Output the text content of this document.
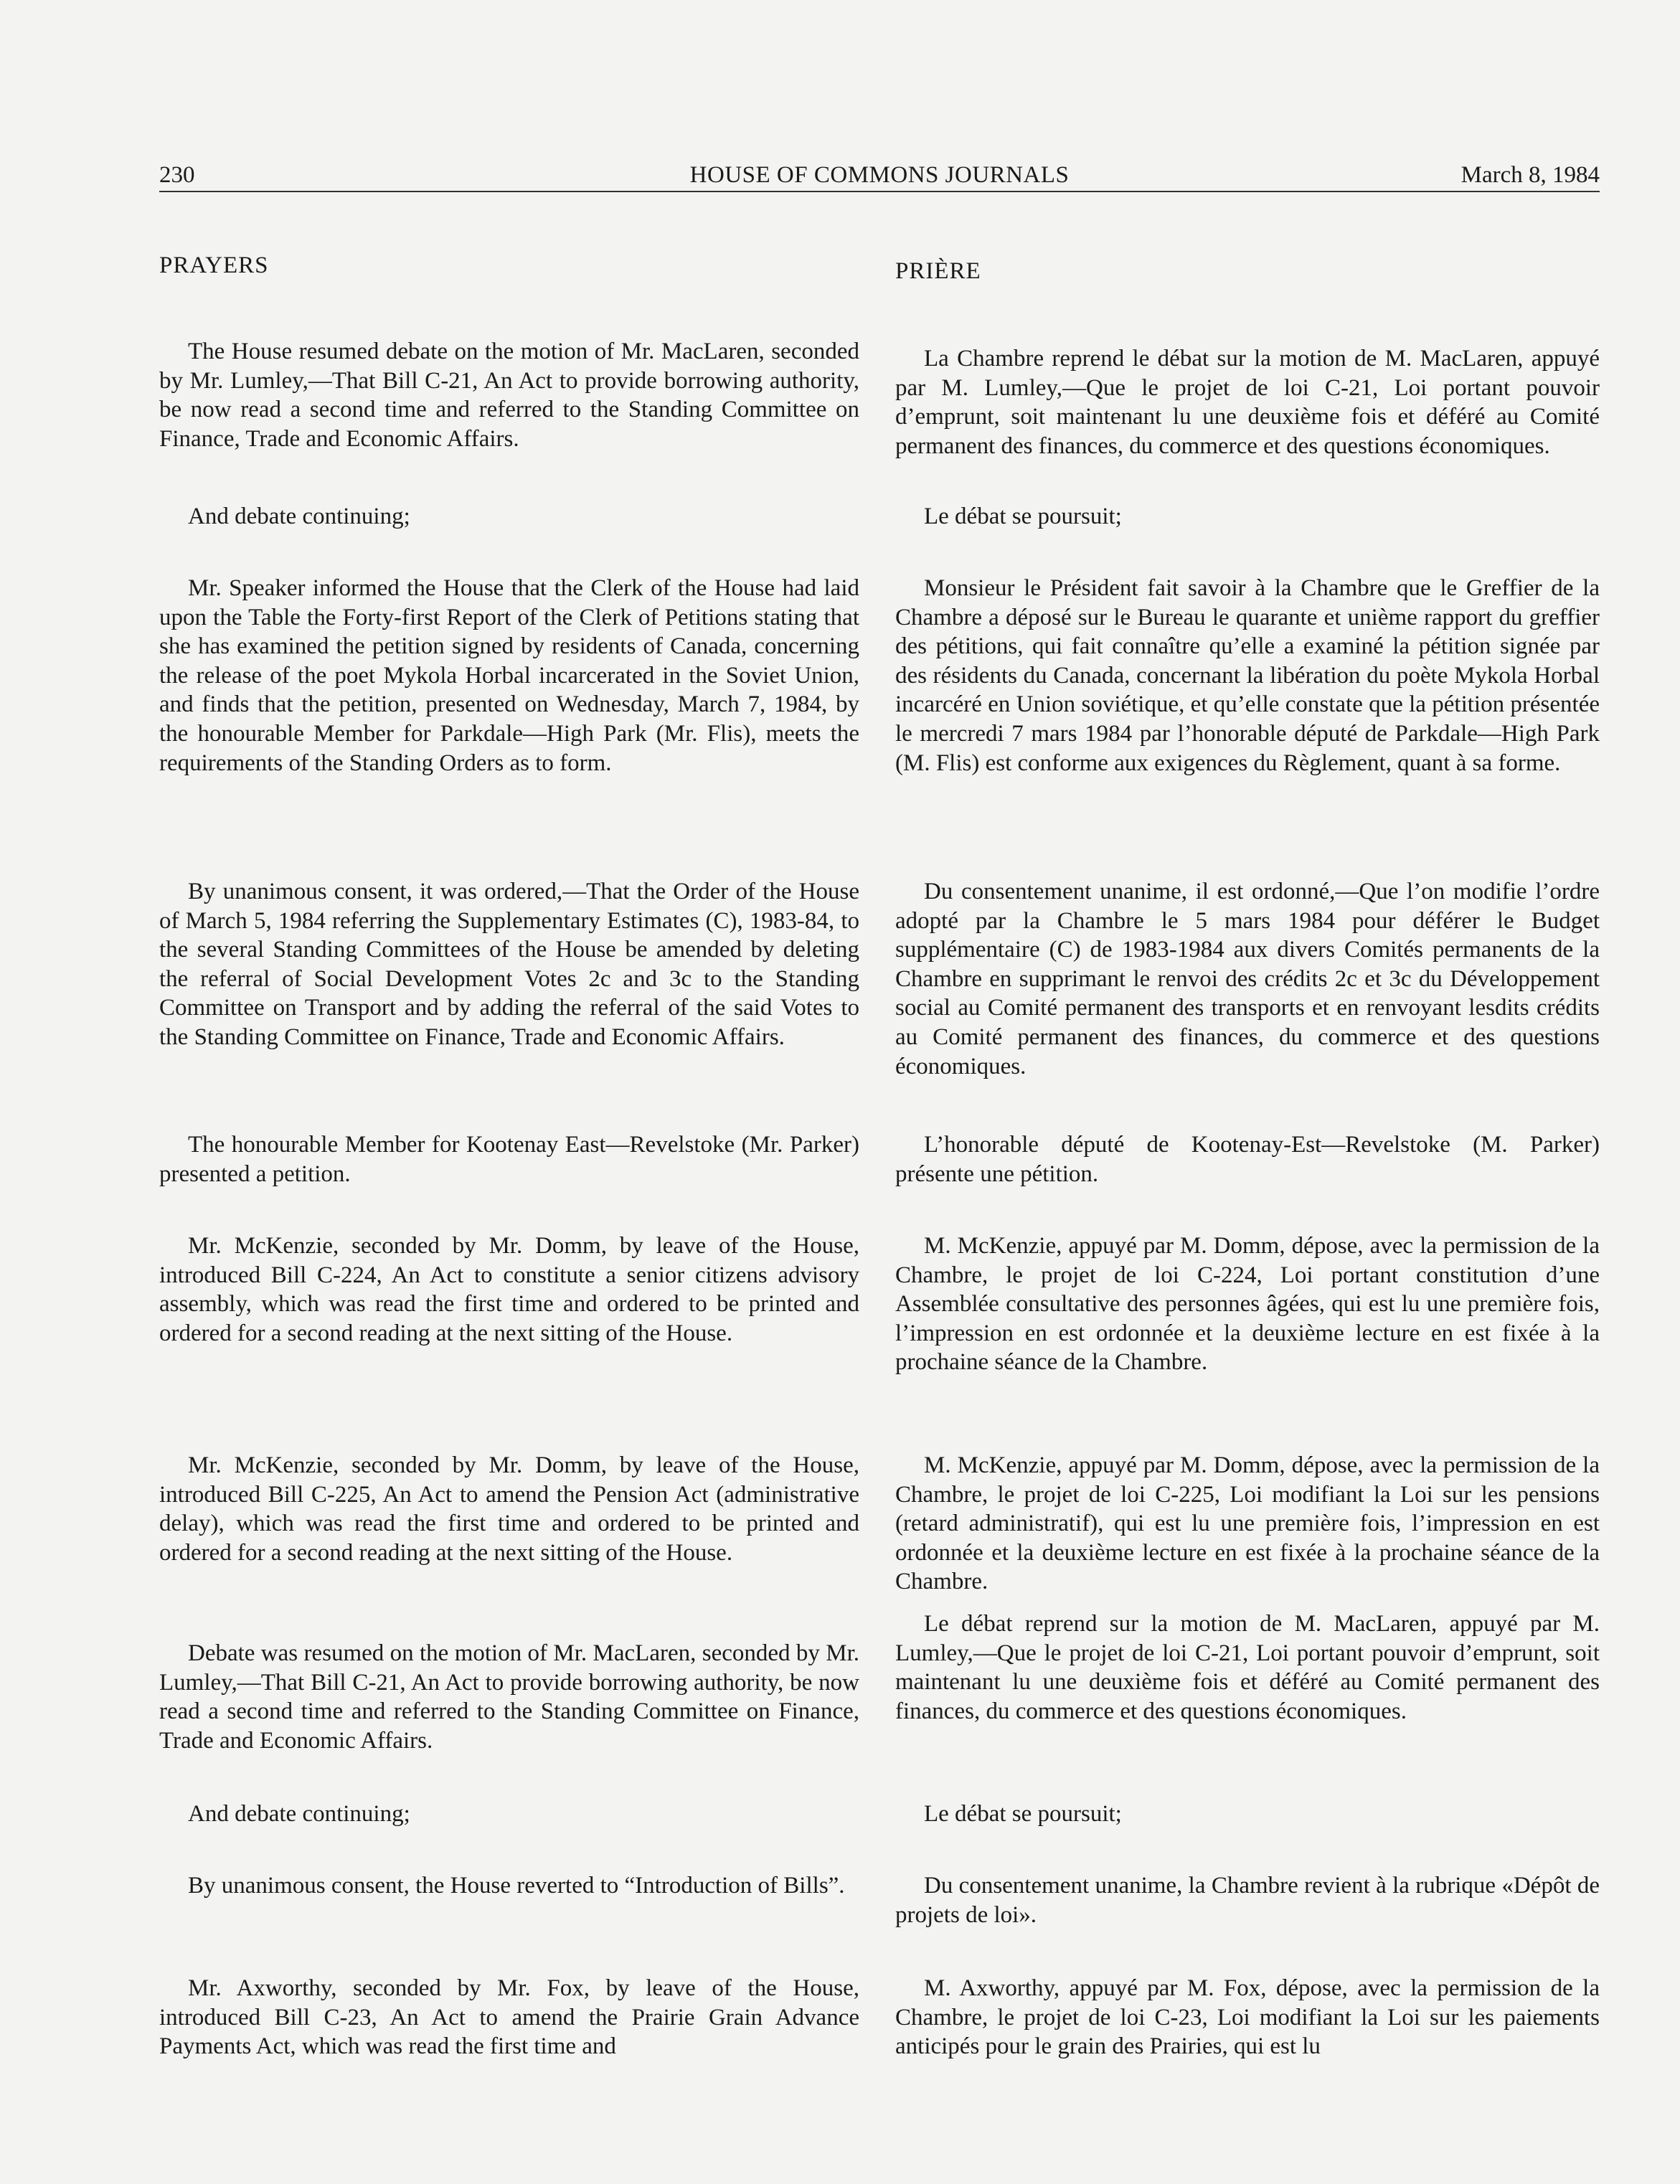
230	HOUSE OF COMMONS JOURNALS	March 8, 1984

PRAYERS

The House resumed debate on the motion of Mr. MacLaren, seconded by Mr. Lumley,—That Bill C-21, An Act to provide borrowing authority, be now read a second time and referred to the Standing Committee on Finance, Trade and Economic Affairs.

And debate continuing;

Mr. Speaker informed the House that the Clerk of the House had laid upon the Table the Forty-first Report of the Clerk of Petitions stating that she has examined the petition signed by residents of Canada, concerning the release of the poet Mykola Horbal incarcerated in the Soviet Union, and finds that the petition, presented on Wednesday, March 7, 1984, by the honourable Member for Parkdale—High Park (Mr. Flis), meets the requirements of the Standing Orders as to form.

By unanimous consent, it was ordered,—That the Order of the House of March 5, 1984 referring the Supplementary Estimates (C), 1983-84, to the several Standing Committees of the House be amended by deleting the referral of Social Development Votes 2c and 3c to the Standing Committee on Transport and by adding the referral of the said Votes to the Standing Committee on Finance, Trade and Economic Affairs.

The honourable Member for Kootenay East—Revelstoke (Mr. Parker) presented a petition.

Mr. McKenzie, seconded by Mr. Domm, by leave of the House, introduced Bill C-224, An Act to constitute a senior citizens advisory assembly, which was read the first time and ordered to be printed and ordered for a second reading at the next sitting of the House.

Mr. McKenzie, seconded by Mr. Domm, by leave of the House, introduced Bill C-225, An Act to amend the Pension Act (administrative delay), which was read the first time and ordered to be printed and ordered for a second reading at the next sitting of the House.

Debate was resumed on the motion of Mr. MacLaren, seconded by Mr. Lumley,—That Bill C-21, An Act to provide borrowing authority, be now read a second time and referred to the Standing Committee on Finance, Trade and Economic Affairs.

And debate continuing;

By unanimous consent, the House reverted to “Introduction of Bills”.

Mr. Axworthy, seconded by Mr. Fox, by leave of the House, introduced Bill C-23, An Act to amend the Prairie Grain Advance Payments Act, which was read the first time and

PRIÈRE

La Chambre reprend le débat sur la motion de M. MacLaren, appuyé par M. Lumley,—Que le projet de loi C-21, Loi portant pouvoir d’emprunt, soit maintenant lu une deuxième fois et déféré au Comité permanent des finances, du commerce et des questions économiques.

Le débat se poursuit;

Monsieur le Président fait savoir à la Chambre que le Greffier de la Chambre a déposé sur le Bureau le quarante et unième rapport du greffier des pétitions, qui fait connaître qu’elle a examiné la pétition signée par des résidents du Canada, concernant la libération du poète Mykola Horbal incarcéré en Union soviétique, et qu’elle constate que la pétition présentée le mercredi 7 mars 1984 par l’honorable député de Parkdale—High Park (M. Flis) est conforme aux exigences du Règlement, quant à sa forme.

Du consentement unanime, il est ordonné,—Que l’on modifie l’ordre adopté par la Chambre le 5 mars 1984 pour déférer le Budget supplémentaire (C) de 1983-1984 aux divers Comités permanents de la Chambre en supprimant le renvoi des crédits 2c et 3c du Développement social au Comité permanent des transports et en renvoyant lesdits crédits au Comité permanent des finances, du commerce et des questions économiques.

L’honorable député de Kootenay-Est—Revelstoke (M. Parker) présente une pétition.

M. McKenzie, appuyé par M. Domm, dépose, avec la permission de la Chambre, le projet de loi C-224, Loi portant constitution d’une Assemblée consultative des personnes âgées, qui est lu une première fois, l’impression en est ordonnée et la deuxième lecture en est fixée à la prochaine séance de la Chambre.

M. McKenzie, appuyé par M. Domm, dépose, avec la permission de la Chambre, le projet de loi C-225, Loi modifiant la Loi sur les pensions (retard administratif), qui est lu une première fois, l’impression en est ordonnée et la deuxième lecture en est fixée à la prochaine séance de la Chambre.

Le débat reprend sur la motion de M. MacLaren, appuyé par M. Lumley,—Que le projet de loi C-21, Loi portant pouvoir d’emprunt, soit maintenant lu une deuxième fois et déféré au Comité permanent des finances, du commerce et des questions économiques.

Le débat se poursuit;

Du consentement unanime, la Chambre revient à la rubrique «Dépôt de projets de loi».

M. Axworthy, appuyé par M. Fox, dépose, avec la permission de la Chambre, le projet de loi C-23, Loi modifiant la Loi sur les paiements anticipés pour le grain des Prairies, qui est lu
